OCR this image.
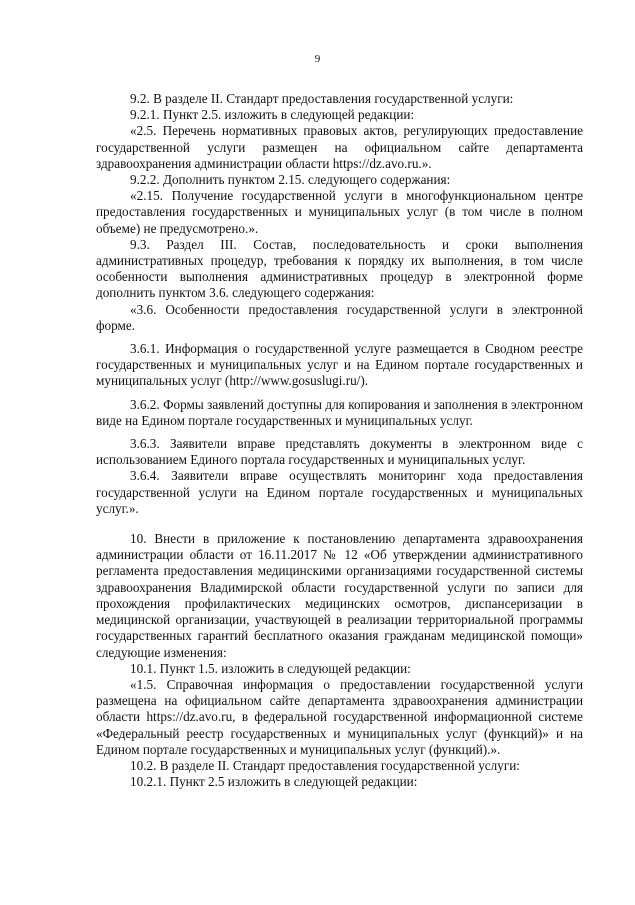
9

9.2. В разделе II. Стандарт предоставления государственной услуги:

9.2.1. Пункт 2.5. изложить в следующей редакции:

«2.5. Перечень нормативных правовых актов, регулирующих предоставление государственной услуги размещен на официальном сайте департамента здравоохранения администрации области https://dz.avo.ru.».

9.2.2. Дополнить пунктом 2.15. следующего содержания:

«2.15. Получение государственной услуги в многофункциональном центре предоставления государственных и муниципальных услуг (в том числе в полном объеме) не предусмотрено.».

9.3. Раздел III. Состав, последовательность и сроки выполнения административных процедур, требования к порядку их выполнения, в том числе особенности выполнения административных процедур в электронной форме дополнить пунктом 3.6. следующего содержания:

«3.6. Особенности предоставления государственной услуги в электронной форме.

3.6.1. Информация о государственной услуге размещается в Сводном реестре государственных и муниципальных услуг и на Едином портале государственных и муниципальных услуг (http://www.gosuslugi.ru/).

3.6.2. Формы заявлений доступны для копирования и заполнения в электронном виде на Едином портале государственных и муниципальных услуг.

3.6.3. Заявители вправе представлять документы в электронном виде с использованием Единого портала государственных и муниципальных услуг.

3.6.4. Заявители вправе осуществлять мониторинг хода предоставления государственной услуги на Едином портале государственных и муниципальных услуг.».

10. Внести в приложение к постановлению департамента здравоохранения администрации области от 16.11.2017 № 12 «Об утверждении административного регламента предоставления медицинскими организациями государственной системы здравоохранения Владимирской области государственной услуги по записи для прохождения профилактических медицинских осмотров, диспансеризации в медицинской организации, участвующей в реализации территориальной программы государственных гарантий бесплатного оказания гражданам медицинской помощи» следующие изменения:

10.1. Пункт 1.5. изложить в следующей редакции:

«1.5. Справочная информация о предоставлении государственной услуги размещена на официальном сайте департамента здравоохранения администрации области https://dz.avo.ru, в федеральной государственной информационной системе «Федеральный реестр государственных и муниципальных услуг (функций)» и на Едином портале государственных и муниципальных услуг (функций).».

10.2. В разделе II. Стандарт предоставления государственной услуги:

10.2.1. Пункт 2.5 изложить в следующей редакции:
